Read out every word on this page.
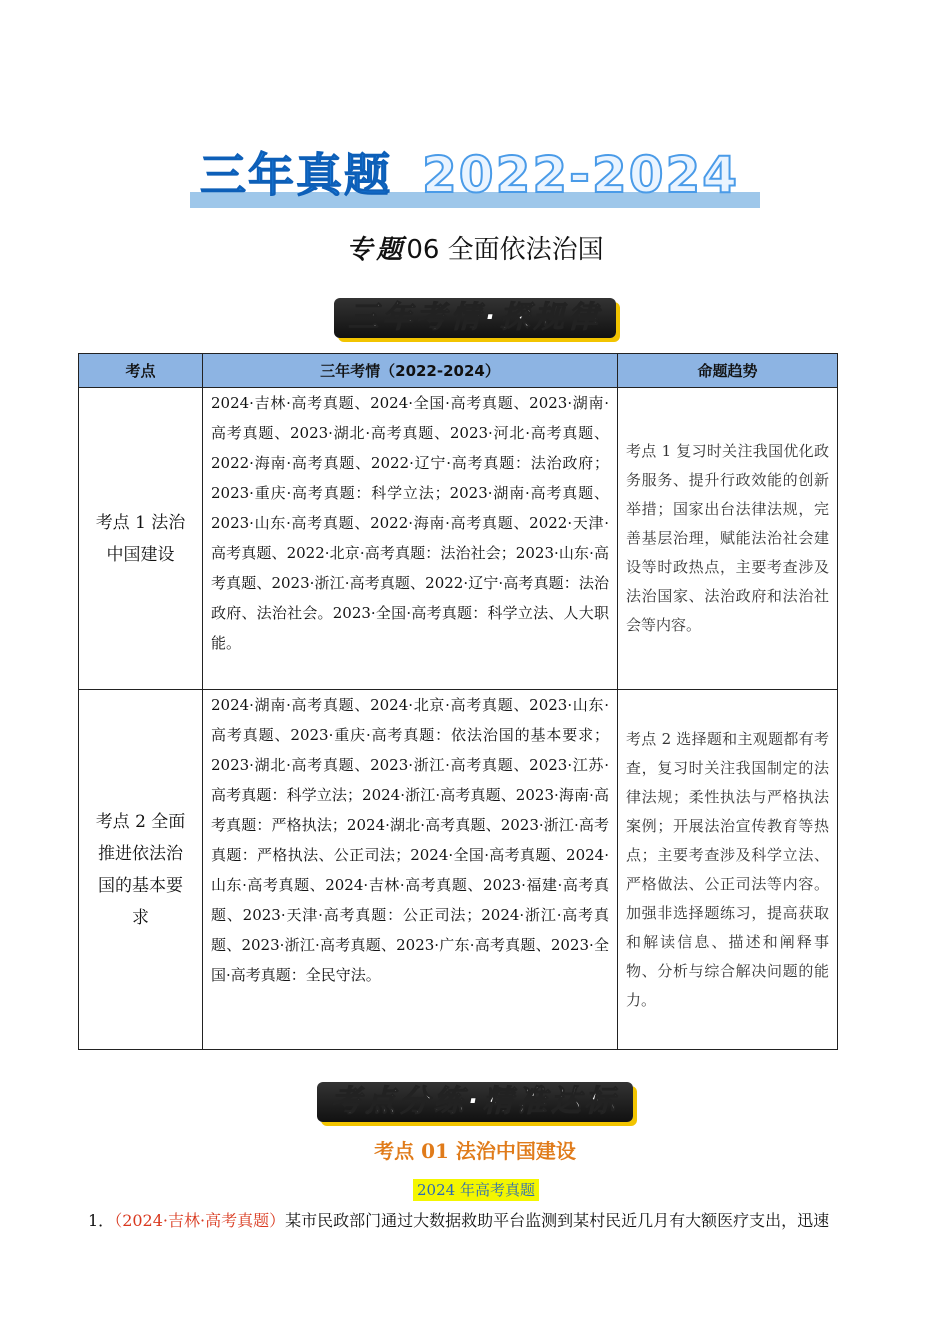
三年真题 2022-2024
专题06 全面依法治国
三年考情·探规律
考点	三年考情（2022-2024）	命题趋势
考点 1 法治中国建设	2024·吉林·高考真题、2024·全国·高考真题、2023·湖南·高考真题、2023·湖北·高考真题、2023·河北·高考真题、2022·海南·高考真题、2022·辽宁·高考真题：法治政府；2023·重庆·高考真题：科学立法；2023·湖南·高考真题、2023·山东·高考真题、2022·海南·高考真题、2022·天津·高考真题、2022·北京·高考真题：法治社会；2023·山东·高考真题、2023·浙江·高考真题、2022·辽宁·高考真题：法治政府、法治社会。2023·全国·高考真题：科学立法、人大职能。	考点 1 复习时关注我国优化政务服务、提升行政效能的创新举措；国家出台法律法规，完善基层治理，赋能法治社会建设等时政热点，主要考查涉及法治国家、法治政府和法治社会等内容。
考点 2 全面推进依法治国的基本要求	2024·湖南·高考真题、2024·北京·高考真题、2023·山东·高考真题、2023·重庆·高考真题：依法治国的基本要求；2023·湖北·高考真题、2023·浙江·高考真题、2023·江苏·高考真题：科学立法；2024·浙江·高考真题、2023·海南·高考真题：严格执法；2024·湖北·高考真题、2023·浙江·高考真题：严格执法、公正司法；2024·全国·高考真题、2024·山东·高考真题、2024·吉林·高考真题、2023·福建·高考真题、2023·天津·高考真题：公正司法；2024·浙江·高考真题、2023·浙江·高考真题、2023·广东·高考真题、2023·全国·高考真题：全民守法。	考点 2 选择题和主观题都有考查，复习时关注我国制定的法律法规；柔性执法与严格执法案例；开展法治宣传教育等热点；主要考查涉及科学立法、严格做法、公正司法等内容。加强非选择题练习，提高获取和解读信息、描述和阐释事物、分析与综合解决问题的能力。
考点分练·精准达标
考点 01 法治中国建设
2024 年高考真题
1．（2024·吉林·高考真题）某市民政部门通过大数据救助平台监测到某村民近几月有大额医疗支出，迅速
